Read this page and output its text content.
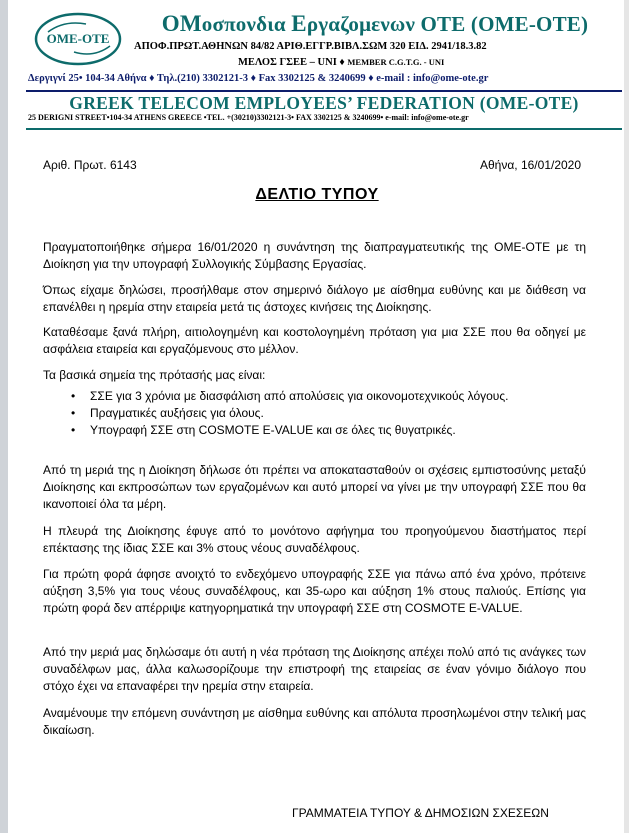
ΟΜΕ-ΟΤΕ
ΟΜοσπονδια Εργαζομενων ΟΤΕ (ΟΜΕ-ΟΤΕ)
ΑΠΟΦ.ΠΡΩΤ.ΑΘΗΝΩΝ 84/82 ΑΡΙΘ.ΕΓΓΡ.ΒΙΒΛ.ΣΩΜ 320 ΕΙΔ. 2941/18.3.82
ΜΕΛΟΣ ΓΣΕΕ – UNI ♦ MEMBER C.G.T.G. - UNI
Δεργιγνί 25• 104-34 Αθήνα ♦ Τηλ.(210) 3302121-3 ♦ Fax 3302125 & 3240699 ♦ e-mail : info@ome-ote.gr
GREEK TELECOM EMPLOYEES’ FEDERATION (OME-OTE)
25 DERIGNI STREET•104-34 ATHENS GREECE •TEL. +(30210)3302121-3• FAX 3302125 & 3240699• e-mail: info@ome-ote.gr
Αριθ. Πρωτ. 6143	Αθήνα, 16/01/2020
ΔΕΛΤΙΟ ΤΥΠΟΥ
Πραγματοποιήθηκε σήμερα 16/01/2020 η συνάντηση της διαπραγματευτικής της ΟΜΕ-ΟΤΕ με τη Διοίκηση για την υπογραφή Συλλογικής Σύμβασης Εργασίας.
Όπως είχαμε δηλώσει, προσήλθαμε στον σημερινό διάλογο με αίσθημα ευθύνης και με διάθεση να επανέλθει η ηρεμία στην εταιρεία μετά τις άστοχες κινήσεις της Διοίκησης.
Καταθέσαμε ξανά πλήρη, αιτιολογημένη και κοστολογημένη πρόταση για μια ΣΣΕ που θα οδηγεί με ασφάλεια εταιρεία και εργαζόμενους στο μέλλον.
Τα βασικά σημεία της πρότασής μας είναι:
• ΣΣΕ για 3 χρόνια με διασφάλιση από απολύσεις για οικονομοτεχνικούς λόγους.
• Πραγματικές αυξήσεις για όλους.
• Υπογραφή ΣΣΕ στη COSMOTE E-VALUE και σε όλες τις θυγατρικές.
Από τη μεριά της η Διοίκηση δήλωσε ότι πρέπει να αποκατασταθούν οι σχέσεις εμπιστοσύνης μεταξύ Διοίκησης και εκπροσώπων των εργαζομένων και αυτό μπορεί να γίνει με την υπογραφή ΣΣΕ που θα ικανοποιεί όλα τα μέρη.
Η πλευρά της Διοίκησης έφυγε από το μονότονο αφήγημα του προηγούμενου διαστήματος περί επέκτασης της ίδιας ΣΣΕ και 3% στους νέους συναδέλφους.
Για πρώτη φορά άφησε ανοιχτό το ενδεχόμενο υπογραφής ΣΣΕ για πάνω από ένα χρόνο, πρότεινε αύξηση 3,5% για τους νέους συναδέλφους, και 35-ωρο και αύξηση 1% στους παλιούς. Επίσης για πρώτη φορά δεν απέρριψε κατηγορηματικά την υπογραφή ΣΣΕ στη COSMOTE E-VALUE.
Από την μεριά μας δηλώσαμε ότι αυτή η νέα πρόταση της Διοίκησης απέχει πολύ από τις ανάγκες των συναδέλφων μας, άλλα καλωσορίζουμε την επιστροφή της εταιρείας σε έναν γόνιμο διάλογο που στόχο έχει να επαναφέρει την ηρεμία στην εταιρεία.
Αναμένουμε την επόμενη συνάντηση με αίσθημα ευθύνης και απόλυτα προσηλωμένοι στην τελική μας δικαίωση.
ΓΡΑΜΜΑΤΕΙΑ ΤΥΠΟΥ & ΔΗΜΟΣΙΩΝ ΣΧΕΣΕΩΝ
